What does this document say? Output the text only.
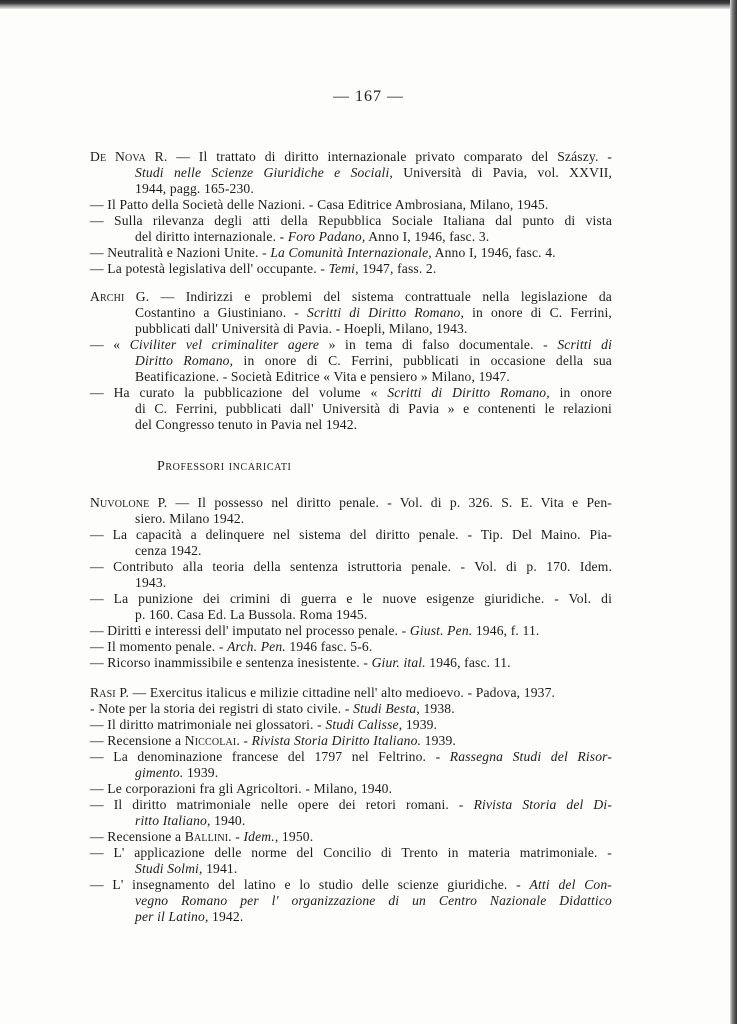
— 167 —
De Nova R. — Il trattato di diritto internazionale privato comparato del Szászy. -
Studi nelle Scienze Giuridiche e Sociali, Università di Pavia, vol. XXVII,
1944, pagg. 165-230.
— Il Patto della Società delle Nazioni. - Casa Editrice Ambrosiana, Milano, 1945.
— Sulla rilevanza degli atti della Repubblica Sociale Italiana dal punto di vista
del diritto internazionale. - Foro Padano, Anno I, 1946, fasc. 3.
— Neutralità e Nazioni Unite. - La Comunità Internazionale, Anno I, 1946, fasc. 4.
— La potestà legislativa dell' occupante. - Temi, 1947, fass. 2.
Archi G. — Indirizzi e problemi del sistema contrattuale nella legislazione da
Costantino a Giustiniano. - Scritti di Diritto Romano, in onore di C. Ferrini,
pubblicati dall' Università di Pavia. - Hoepli, Milano, 1943.
— « Civiliter vel criminaliter agere » in tema di falso documentale. - Scritti di
Diritto Romano, in onore di C. Ferrini, pubblicati in occasione della sua
Beatificazione. - Società Editrice « Vita e pensiero » Milano, 1947.
— Ha curato la pubblicazione del volume « Scritti di Diritto Romano, in onore
di C. Ferrini, pubblicati dall' Università di Pavia » e contenenti le relazioni
del Congresso tenuto in Pavia nel 1942.
Professori incaricati
Nuvolone P. — Il possesso nel diritto penale. - Vol. di p. 326. S. E. Vita e Pen-
siero. Milano 1942.
— La capacità a delinquere nel sistema del diritto penale. - Tip. Del Maino. Pia-
cenza 1942.
— Contributo alla teoria della sentenza istruttoria penale. - Vol. di p. 170. Idem.
1943.
— La punizione dei crimini di guerra e le nuove esigenze giuridiche. - Vol. di
p. 160. Casa Ed. La Bussola. Roma 1945.
— Diritti e interessi dell' imputato nel processo penale. - Giust. Pen. 1946, f. 11.
— Il momento penale. - Arch. Pen. 1946 fasc. 5-6.
— Ricorso inammissibile e sentenza inesistente. - Giur. ital. 1946, fasc. 11.
Rasi P. — Exercitus italicus e milizie cittadine nell' alto medioevo. - Padova, 1937.
- Note per la storia dei registri di stato civile. - Studi Besta, 1938.
— Il diritto matrimoniale nei glossatori. - Studi Calisse, 1939.
— Recensione a Niccolai. - Rivista Storia Diritto Italiano. 1939.
— La denominazione francese del 1797 nel Feltrino. - Rassegna Studi del Risor-
gimento. 1939.
— Le corporazioni fra gli Agricoltori. - Milano, 1940.
— Il diritto matrimoniale nelle opere dei retori romani. - Rivista Storia del Di-
ritto Italiano, 1940.
— Recensione a Ballini. - Idem., 1950.
— L' applicazione delle norme del Concilio di Trento in materia matrimoniale. -
Studi Solmi, 1941.
— L' insegnamento del latino e lo studio delle scienze giuridiche. - Atti del Con-
vegno Romano per l' organizzazione di un Centro Nazionale Didattico
per il Latino, 1942.
